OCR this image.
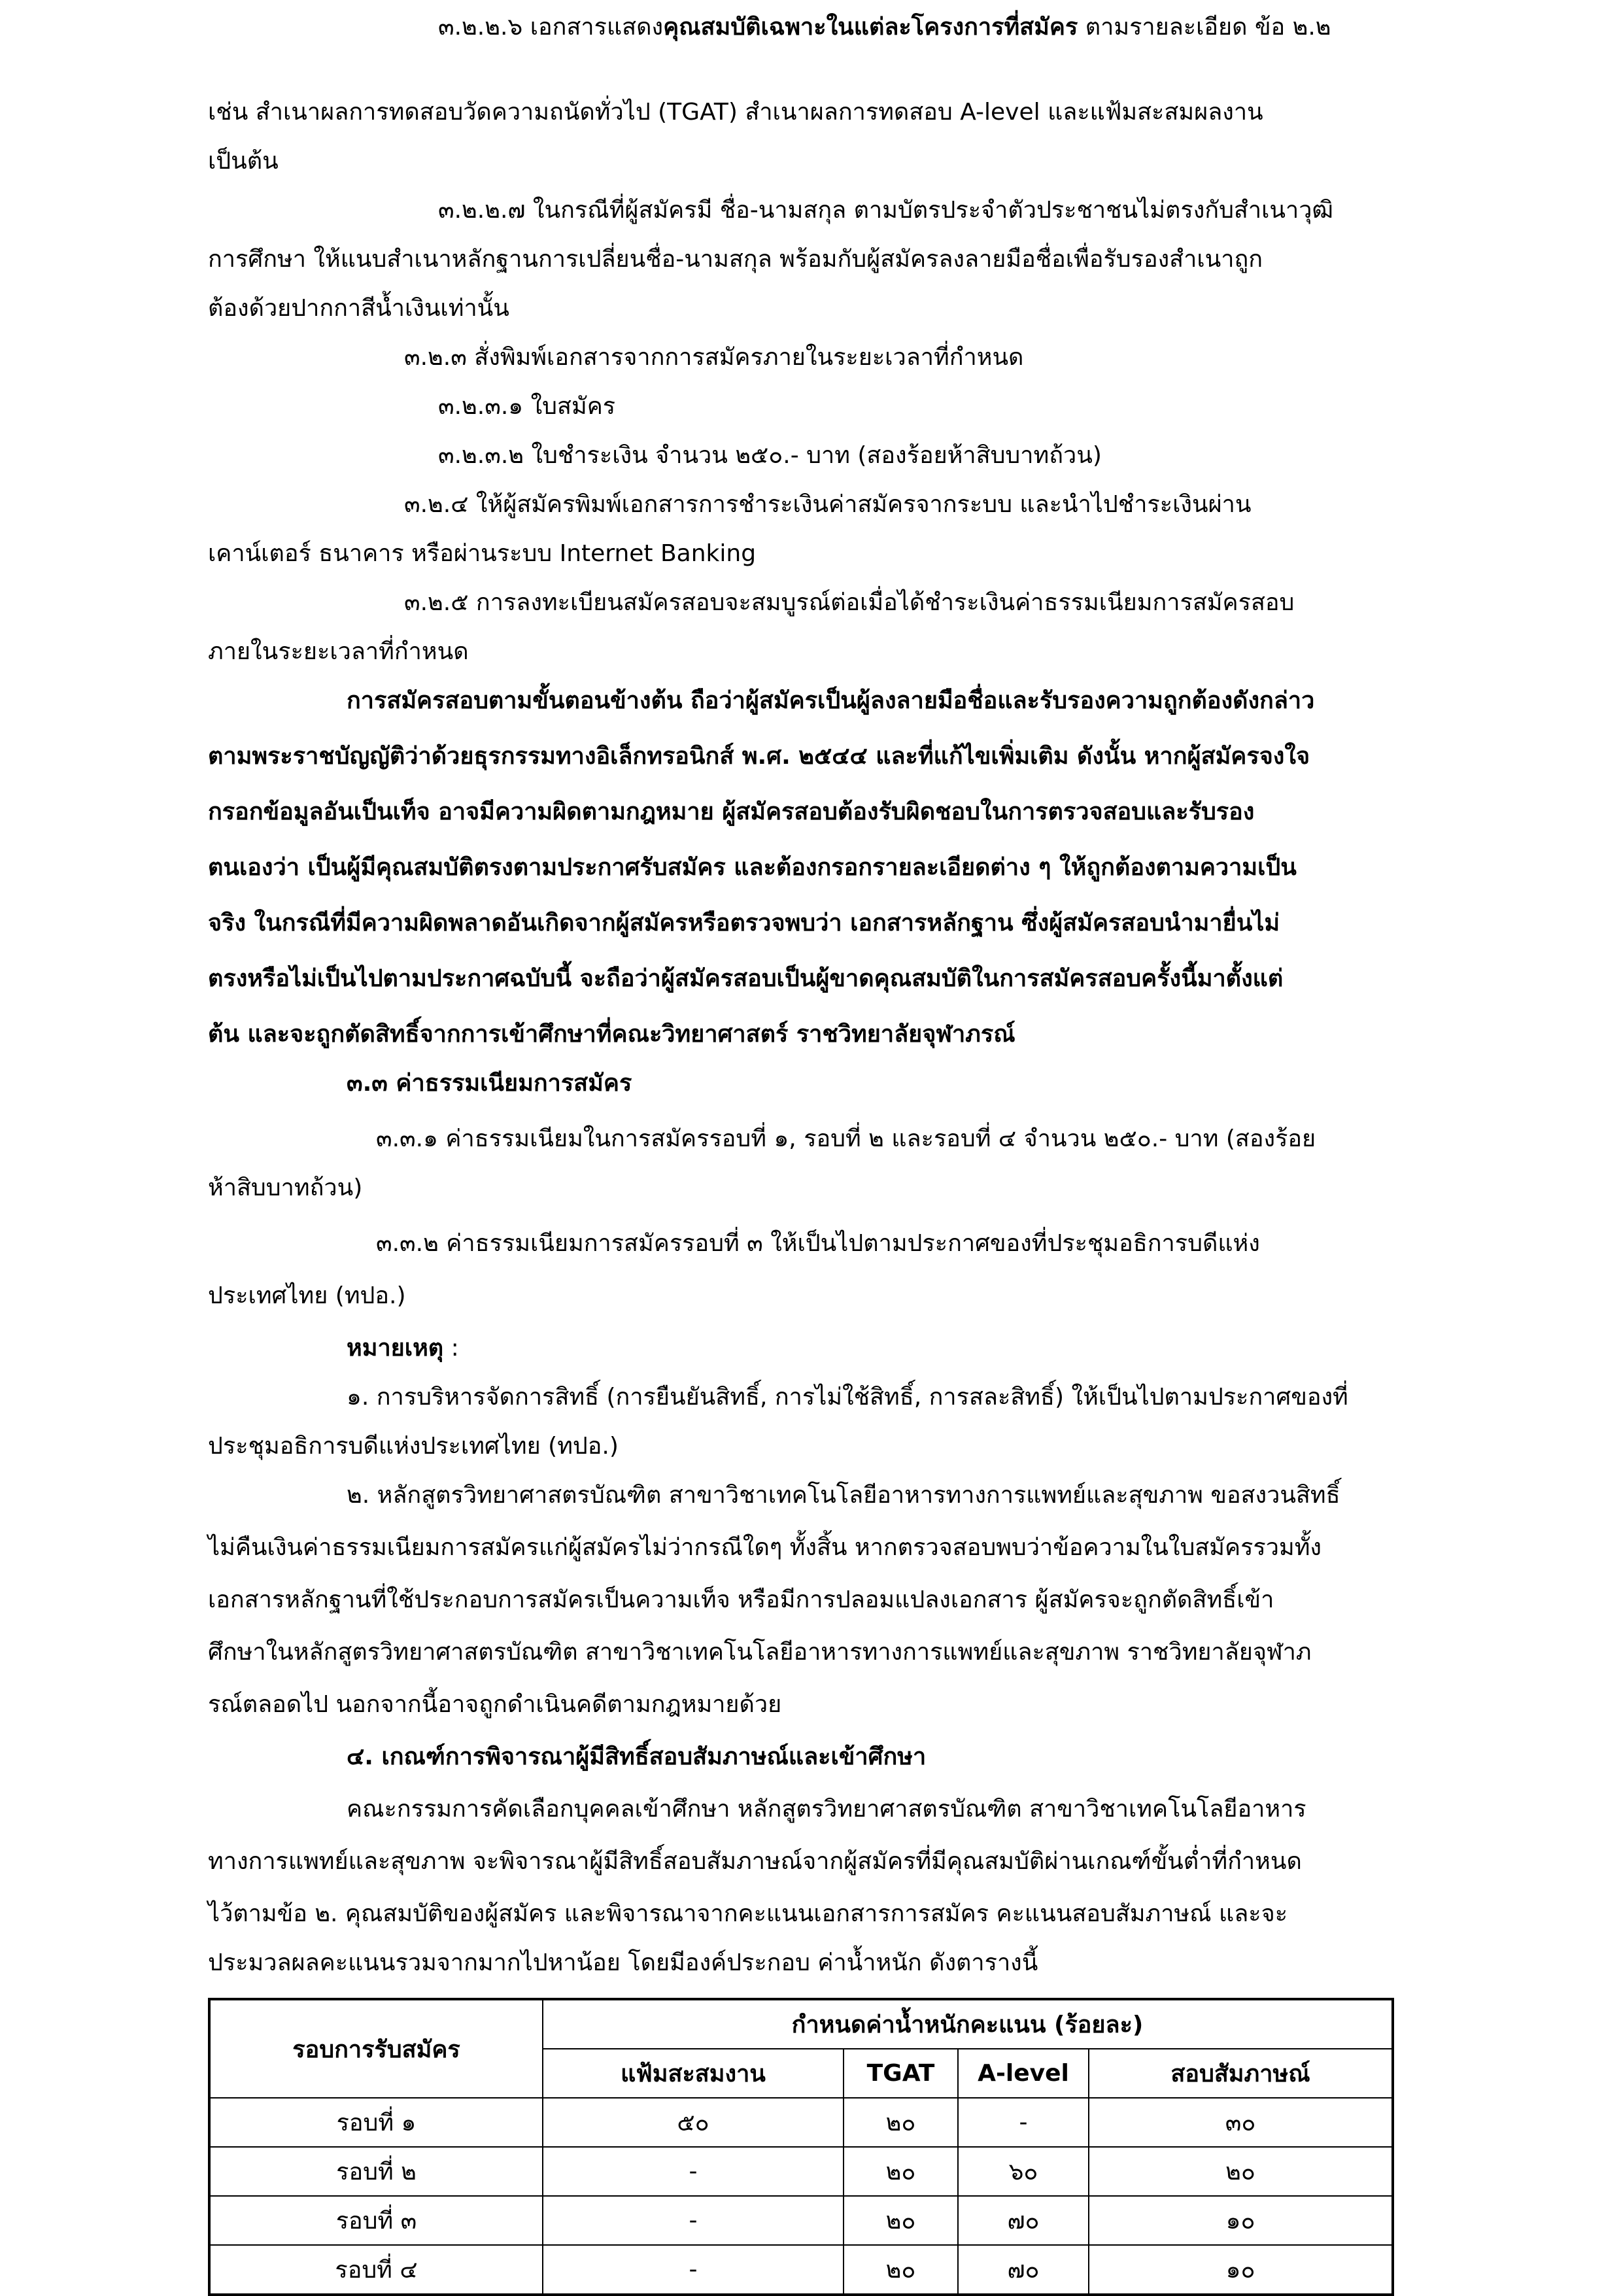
๓.๒.๒.๖ เอกสารแสดงคุณสมบัติเฉพาะในแต่ละโครงการที่สมัคร ตามรายละเอียด ข้อ ๒.๒
เช่น สำเนาผลการทดสอบวัดความถนัดทั่วไป (TGAT) สำเนาผลการทดสอบ A-level และแฟ้มสะสมผลงาน
เป็นต้น
๓.๒.๒.๗ ในกรณีที่ผู้สมัครมี ชื่อ-นามสกุล ตามบัตรประจำตัวประชาชนไม่ตรงกับสำเนาวุฒิ
การศึกษา ให้แนบสำเนาหลักฐานการเปลี่ยนชื่อ-นามสกุล พร้อมกับผู้สมัครลงลายมือชื่อเพื่อรับรองสำเนาถูก
ต้องด้วยปากกาสีน้ำเงินเท่านั้น
๓.๒.๓ สั่งพิมพ์เอกสารจากการสมัครภายในระยะเวลาที่กำหนด
๓.๒.๓.๑ ใบสมัคร
๓.๒.๓.๒ ใบชำระเงิน จำนวน ๒๕๐.- บาท (สองร้อยห้าสิบบาทถ้วน)
๓.๒.๔ ให้ผู้สมัครพิมพ์เอกสารการชำระเงินค่าสมัครจากระบบ และนำไปชำระเงินผ่าน
เคาน์เตอร์ ธนาคาร หรือผ่านระบบ Internet Banking
๓.๒.๕ การลงทะเบียนสมัครสอบจะสมบูรณ์ต่อเมื่อได้ชำระเงินค่าธรรมเนียมการสมัครสอบ
ภายในระยะเวลาที่กำหนด
การสมัครสอบตามขั้นตอนข้างต้น ถือว่าผู้สมัครเป็นผู้ลงลายมือชื่อและรับรองความถูกต้องดังกล่าว
ตามพระราชบัญญัติว่าด้วยธุรกรรมทางอิเล็กทรอนิกส์ พ.ศ. ๒๕๔๔ และที่แก้ไขเพิ่มเติม ดังนั้น หากผู้สมัครจงใจ
กรอกข้อมูลอันเป็นเท็จ อาจมีความผิดตามกฎหมาย ผู้สมัครสอบต้องรับผิดชอบในการตรวจสอบและรับรอง
ตนเองว่า เป็นผู้มีคุณสมบัติตรงตามประกาศรับสมัคร และต้องกรอกรายละเอียดต่าง ๆ ให้ถูกต้องตามความเป็น
จริง ในกรณีที่มีความผิดพลาดอันเกิดจากผู้สมัครหรือตรวจพบว่า เอกสารหลักฐาน ซึ่งผู้สมัครสอบนำมายื่นไม่
ตรงหรือไม่เป็นไปตามประกาศฉบับนี้ จะถือว่าผู้สมัครสอบเป็นผู้ขาดคุณสมบัติในการสมัครสอบครั้งนี้มาตั้งแต่
ต้น และจะถูกตัดสิทธิ์จากการเข้าศึกษาที่คณะวิทยาศาสตร์ ราชวิทยาลัยจุฬาภรณ์
๓.๓ ค่าธรรมเนียมการสมัคร
๓.๓.๑ ค่าธรรมเนียมในการสมัครรอบที่ ๑, รอบที่ ๒ และรอบที่ ๔ จำนวน ๒๕๐.- บาท (สองร้อย
ห้าสิบบาทถ้วน)
๓.๓.๒ ค่าธรรมเนียมการสมัครรอบที่ ๓ ให้เป็นไปตามประกาศของที่ประชุมอธิการบดีแห่ง
ประเทศไทย (ทปอ.)
หมายเหตุ :
๑. การบริหารจัดการสิทธิ์ (การยืนยันสิทธิ์, การไม่ใช้สิทธิ์, การสละสิทธิ์) ให้เป็นไปตามประกาศของที่
ประชุมอธิการบดีแห่งประเทศไทย (ทปอ.)
๒. หลักสูตรวิทยาศาสตรบัณฑิต สาขาวิชาเทคโนโลยีอาหารทางการแพทย์และสุขภาพ ขอสงวนสิทธิ์
ไม่คืนเงินค่าธรรมเนียมการสมัครแก่ผู้สมัครไม่ว่ากรณีใดๆ ทั้งสิ้น หากตรวจสอบพบว่าข้อความในใบสมัครรวมทั้ง
เอกสารหลักฐานที่ใช้ประกอบการสมัครเป็นความเท็จ หรือมีการปลอมแปลงเอกสาร ผู้สมัครจะถูกตัดสิทธิ์เข้า
ศึกษาในหลักสูตรวิทยาศาสตรบัณฑิต สาขาวิชาเทคโนโลยีอาหารทางการแพทย์และสุขภาพ ราชวิทยาลัยจุฬาภ
รณ์ตลอดไป นอกจากนี้อาจถูกดำเนินคดีตามกฎหมายด้วย
๔. เกณฑ์การพิจารณาผู้มีสิทธิ์สอบสัมภาษณ์และเข้าศึกษา
คณะกรรมการคัดเลือกบุคคลเข้าศึกษา หลักสูตรวิทยาศาสตรบัณฑิต สาขาวิชาเทคโนโลยีอาหาร
ทางการแพทย์และสุขภาพ จะพิจารณาผู้มีสิทธิ์สอบสัมภาษณ์จากผู้สมัครที่มีคุณสมบัติผ่านเกณฑ์ขั้นต่ำที่กำหนด
ไว้ตามข้อ ๒. คุณสมบัติของผู้สมัคร และพิจารณาจากคะแนนเอกสารการสมัคร คะแนนสอบสัมภาษณ์ และจะ
ประมวลผลคะแนนรวมจากมากไปหาน้อย โดยมีองค์ประกอบ ค่าน้ำหนัก ดังตารางนี้
รอบการรับสมัคร	กำหนดค่าน้ำหนักคะแนน (ร้อยละ)			
	แฟ้มสะสมงาน	TGAT	A-level	สอบสัมภาษณ์
รอบที่ ๑	๕๐	๒๐	-	๓๐
รอบที่ ๒	-	๒๐	๖๐	๒๐
รอบที่ ๓	-	๒๐	๗๐	๑๐
รอบที่ ๔	-	๒๐	๗๐	๑๐
